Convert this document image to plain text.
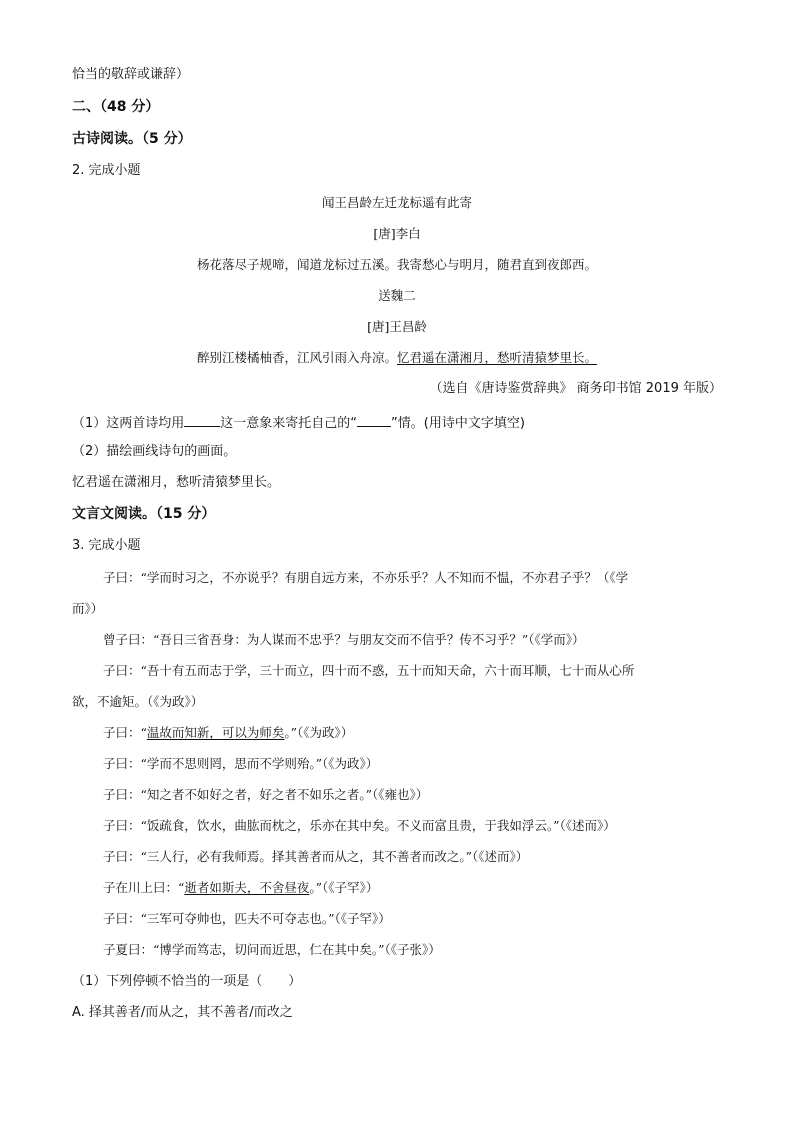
恰当的敬辞或谦辞）
二、（48 分）
古诗阅读。（5 分）
2. 完成小题
闻王昌龄左迁龙标遥有此寄
[唐]李白
杨花落尽子规啼，闻道龙标过五溪。我寄愁心与明月，随君直到夜郎西。
送魏二
[唐]王昌龄
醉别江楼橘柚香，江风引雨入舟凉。忆君遥在潇湘月，愁听清猿梦里长。
（选自《唐诗鉴赏辞典》 商务印书馆 2019 年版）
（1）这两首诗均用	这一意象来寄托自己的“	”情。(用诗中文字填空)
（2）描绘画线诗句的画面。
忆君遥在潇湘月，愁听清猿梦里长。
文言文阅读。（15 分）
3. 完成小题
子曰：“学而时习之，不亦说乎？有朋自远方来，不亦乐乎？人不知而不愠，不亦君子乎？（《学
而》）
曾子曰：“吾日三省吾身：为人谋而不忠乎？与朋友交而不信乎？传不习乎？”（《学而》）
子曰：“吾十有五而志于学，三十而立，四十而不惑，五十而知天命，六十而耳顺，七十而从心所
欲，不逾矩。（《为政》）
子曰：“温故而知新，可以为师矣。”（《为政》）
子曰：“学而不思则罔，思而不学则殆。”（《为政》）
子曰：“知之者不如好之者，好之者不如乐之者。”（《雍也》）
子曰：“饭疏食，饮水，曲肱而枕之，乐亦在其中矣。不义而富且贵，于我如浮云。”（《述而》）
子曰：“三人行，必有我师焉。择其善者而从之，其不善者而改之。”（《述而》）
子在川上曰：“逝者如斯夫，不舍昼夜。”（《子罕》）
子曰：“三军可夺帅也，匹夫不可夺志也。”（《子罕》）
子夏曰：“博学而笃志，切问而近思，仁在其中矣。”（《子张》）
（1）下列停顿不恰当的一项是（　　）
A. 择其善者/而从之，其不善者/而改之
